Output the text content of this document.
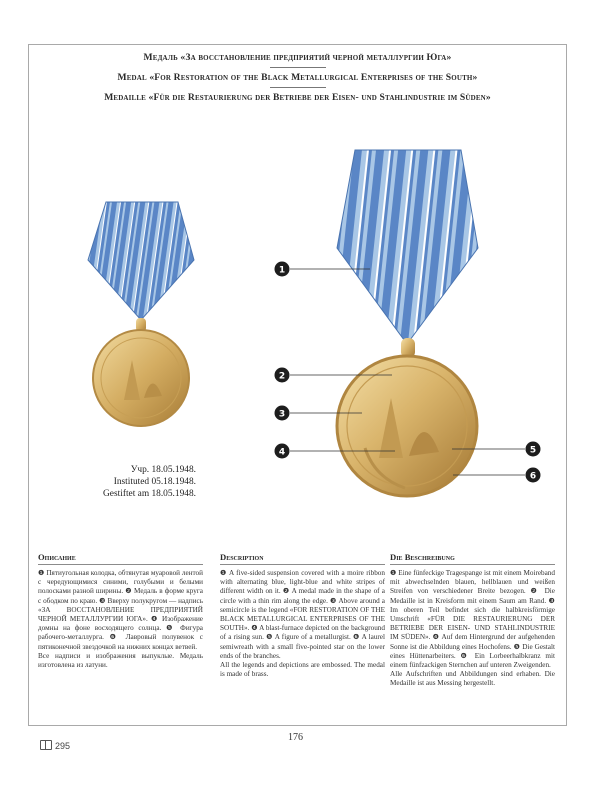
Медаль «За восстановление предприятий черной металлургии Юга»
Medal «For Restoration of the Black Metallurgical Enterprises of the South»
Medaille «Für die Restaurierung der Betriebe der Eisen- und Stahlindustrie im Süden»
Учр. 18.05.1948.
Instituted 05.18.1948.
Gestiftet am 18.05.1948.
1
2
3
4	5
6
Описание
❶ Пятиугольная колодка, обтянутая муаровой лентой с чередующимися синими, голубыми и белыми полосками разной ширины. ❷ Медаль в форме круга с ободком по краю. ❸ Вверху полукругом — надпись «ЗА ВОССТАНОВЛЕНИЕ ПРЕДПРИЯТИЙ ЧЕРНОЙ МЕТАЛЛУРГИИ ЮГА». ❹ Изображение домны на фоне восходящего солнца. ❺ Фигура рабочего-металлурга. ❻ Лавровый полувенок с пятиконечной звездочкой на нижних концах ветвей.
Все надписи и изображения выпуклые. Медаль изготовлена из латуни.
Description
❶ A five-sided suspension covered with a moire ribbon with alternating blue, light-blue and white stripes of different width on it. ❷ A medal made in the shape of a circle with a thin rim along the edge. ❸ Above around a semicircle is the legend «FOR RESTORATION OF THE BLACK METALLURGICAL ENTERPRISES OF THE SOUTH». ❹ A blast-furnace depicted on the background of a rising sun. ❺ A figure of a metallurgist. ❻ A laurel semiwreath with a small five-pointed star on the lower ends of the branches.
All the legends and depictions are embossed. The medal is made of brass.
Die Beschreibung
❶ Eine fünfeckige Tragespange ist mit einem Moireband mit abwechselnden blauen, hellblauen und weißen Streifen von verschiedener Breite bezogen. ❷ Die Medaille ist in Kreisform mit einem Saum am Rand. ❸ Im oberen Teil befindet sich die halbkreisförmige Umschrift «FÜR DIE RESTAURIERUNG DER BETRIEBE DER EISEN- UND STAHLINDUSTRIE IM SÜDEN». ❹ Auf dem Hintergrund der aufgehenden Sonne ist die Abbildung eines Hochofens. ❺ Die Gestalt eines Hüttenarbeiters. ❻ Ein Lorbeerhalbkranz mit einem fünfzackigen Sternchen auf unteren Zweigenden.
Alle Aufschriften und Abbildungen sind erhaben. Die Medaille ist aus Messing hergestellt.
295
176
